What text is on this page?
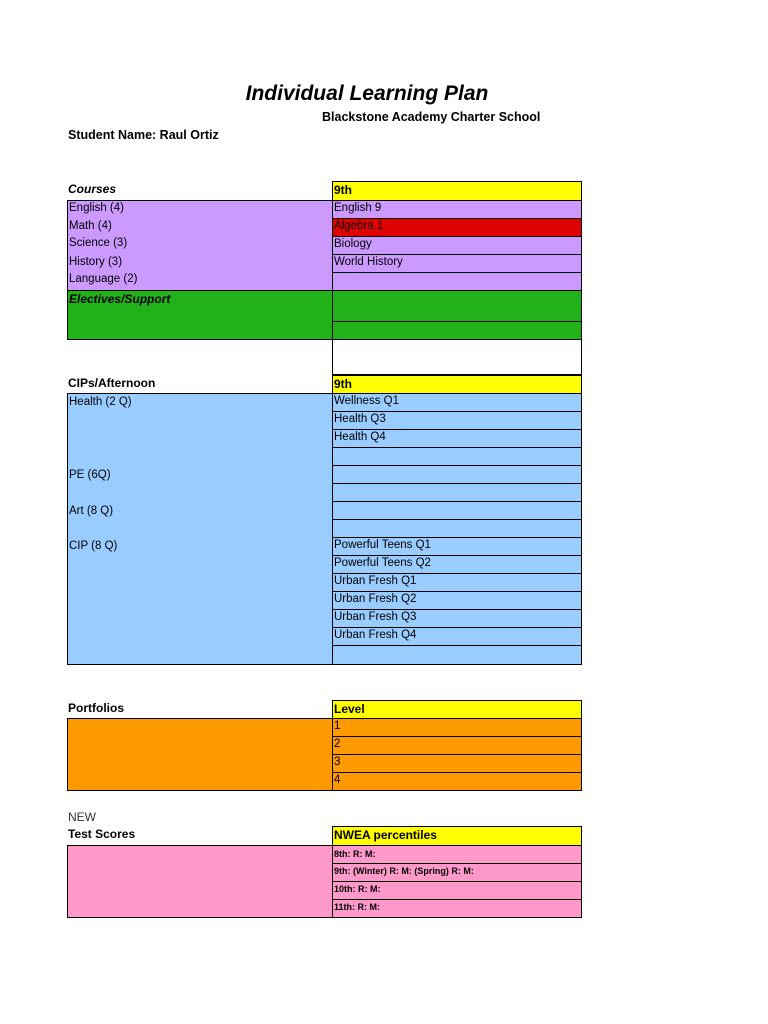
Individual Learning Plan
Blackstone Academy Charter School
Student Name: Raul Ortiz
Courses
English (4)
Math (4)
Science (3)
History (3)
Language (2)
Electives/Support
9th
English 9
Algebra 1
Biology
World History
CIPs/Afternoon
Health (2 Q)
PE (6Q)
Art (8 Q)
CIP (8 Q)
9th
Wellness Q1
Health Q3
Health Q4
Powerful Teens Q1
Powerful Teens Q2
Urban Fresh Q1
Urban Fresh Q2
Urban Fresh Q3
Urban Fresh Q4
Portfolios	Level
1
2
3
4
NEW
Test Scores	NWEA percentiles
8th: R: M:
9th: (Winter) R: M: (Spring) R: M:
10th: R: M:
11th: R: M:
